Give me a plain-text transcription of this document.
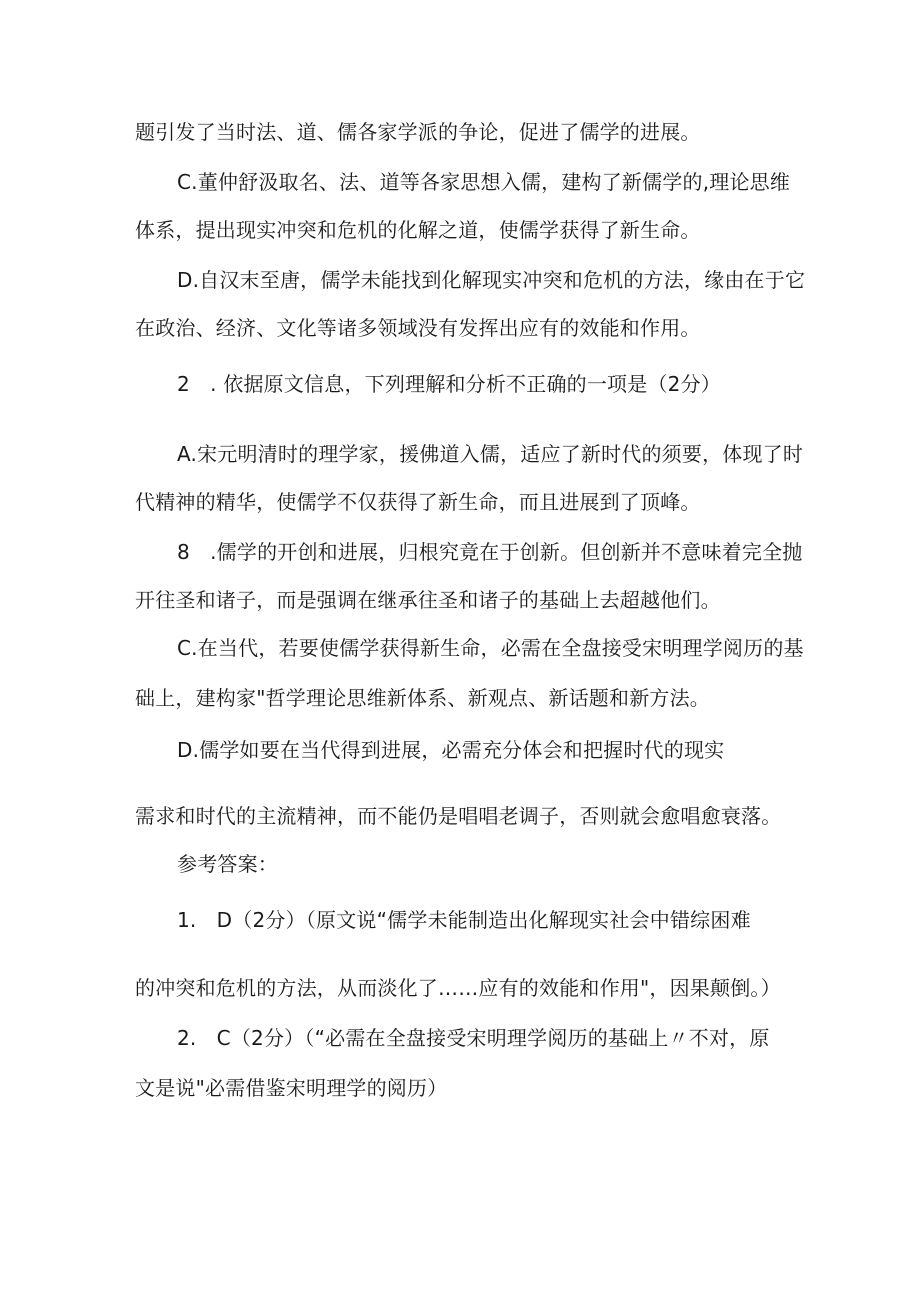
题引发了当时法、道、儒各家学派的争论，促进了儒学的进展。
C.董仲舒汲取名、法、道等各家思想入儒，建构了新儒学的,理论思维
体系，提出现实冲突和危机的化解之道，使儒学获得了新生命。
D.自汉末至唐，儒学未能找到化解现实冲突和危机的方法，缘由在于它
在政治、经济、文化等诸多领域没有发挥出应有的效能和作用。
2　. 依据原文信息，下列理解和分析不正确的一项是（2分）
A.宋元明清时的理学家，援佛道入儒，适应了新时代的须要，体现了时
代精神的精华，使儒学不仅获得了新生命，而且进展到了顶峰。
8　.儒学的开创和进展，归根究竟在于创新。但创新并不意味着完全抛
开往圣和诸子，而是强调在继承往圣和诸子的基础上去超越他们。
C.在当代，若要使儒学获得新生命，必需在全盘接受宋明理学阅历的基
础上，建构家"哲学理论思维新体系、新观点、新话题和新方法。
D.儒学如要在当代得到进展，必需充分体会和把握时代的现实
需求和时代的主流精神，而不能仍是唱唱老调子，否则就会愈唱愈衰落。
参考答案：
1.　D（2分）（原文说“儒学未能制造出化解现实社会中错综困难
的冲突和危机的方法，从而淡化了……应有的效能和作用"，因果颠倒。）
2.　C（2分）（“必需在全盘接受宋明理学阅历的基础上〃不对，原
文是说"必需借鉴宋明理学的阅历）
